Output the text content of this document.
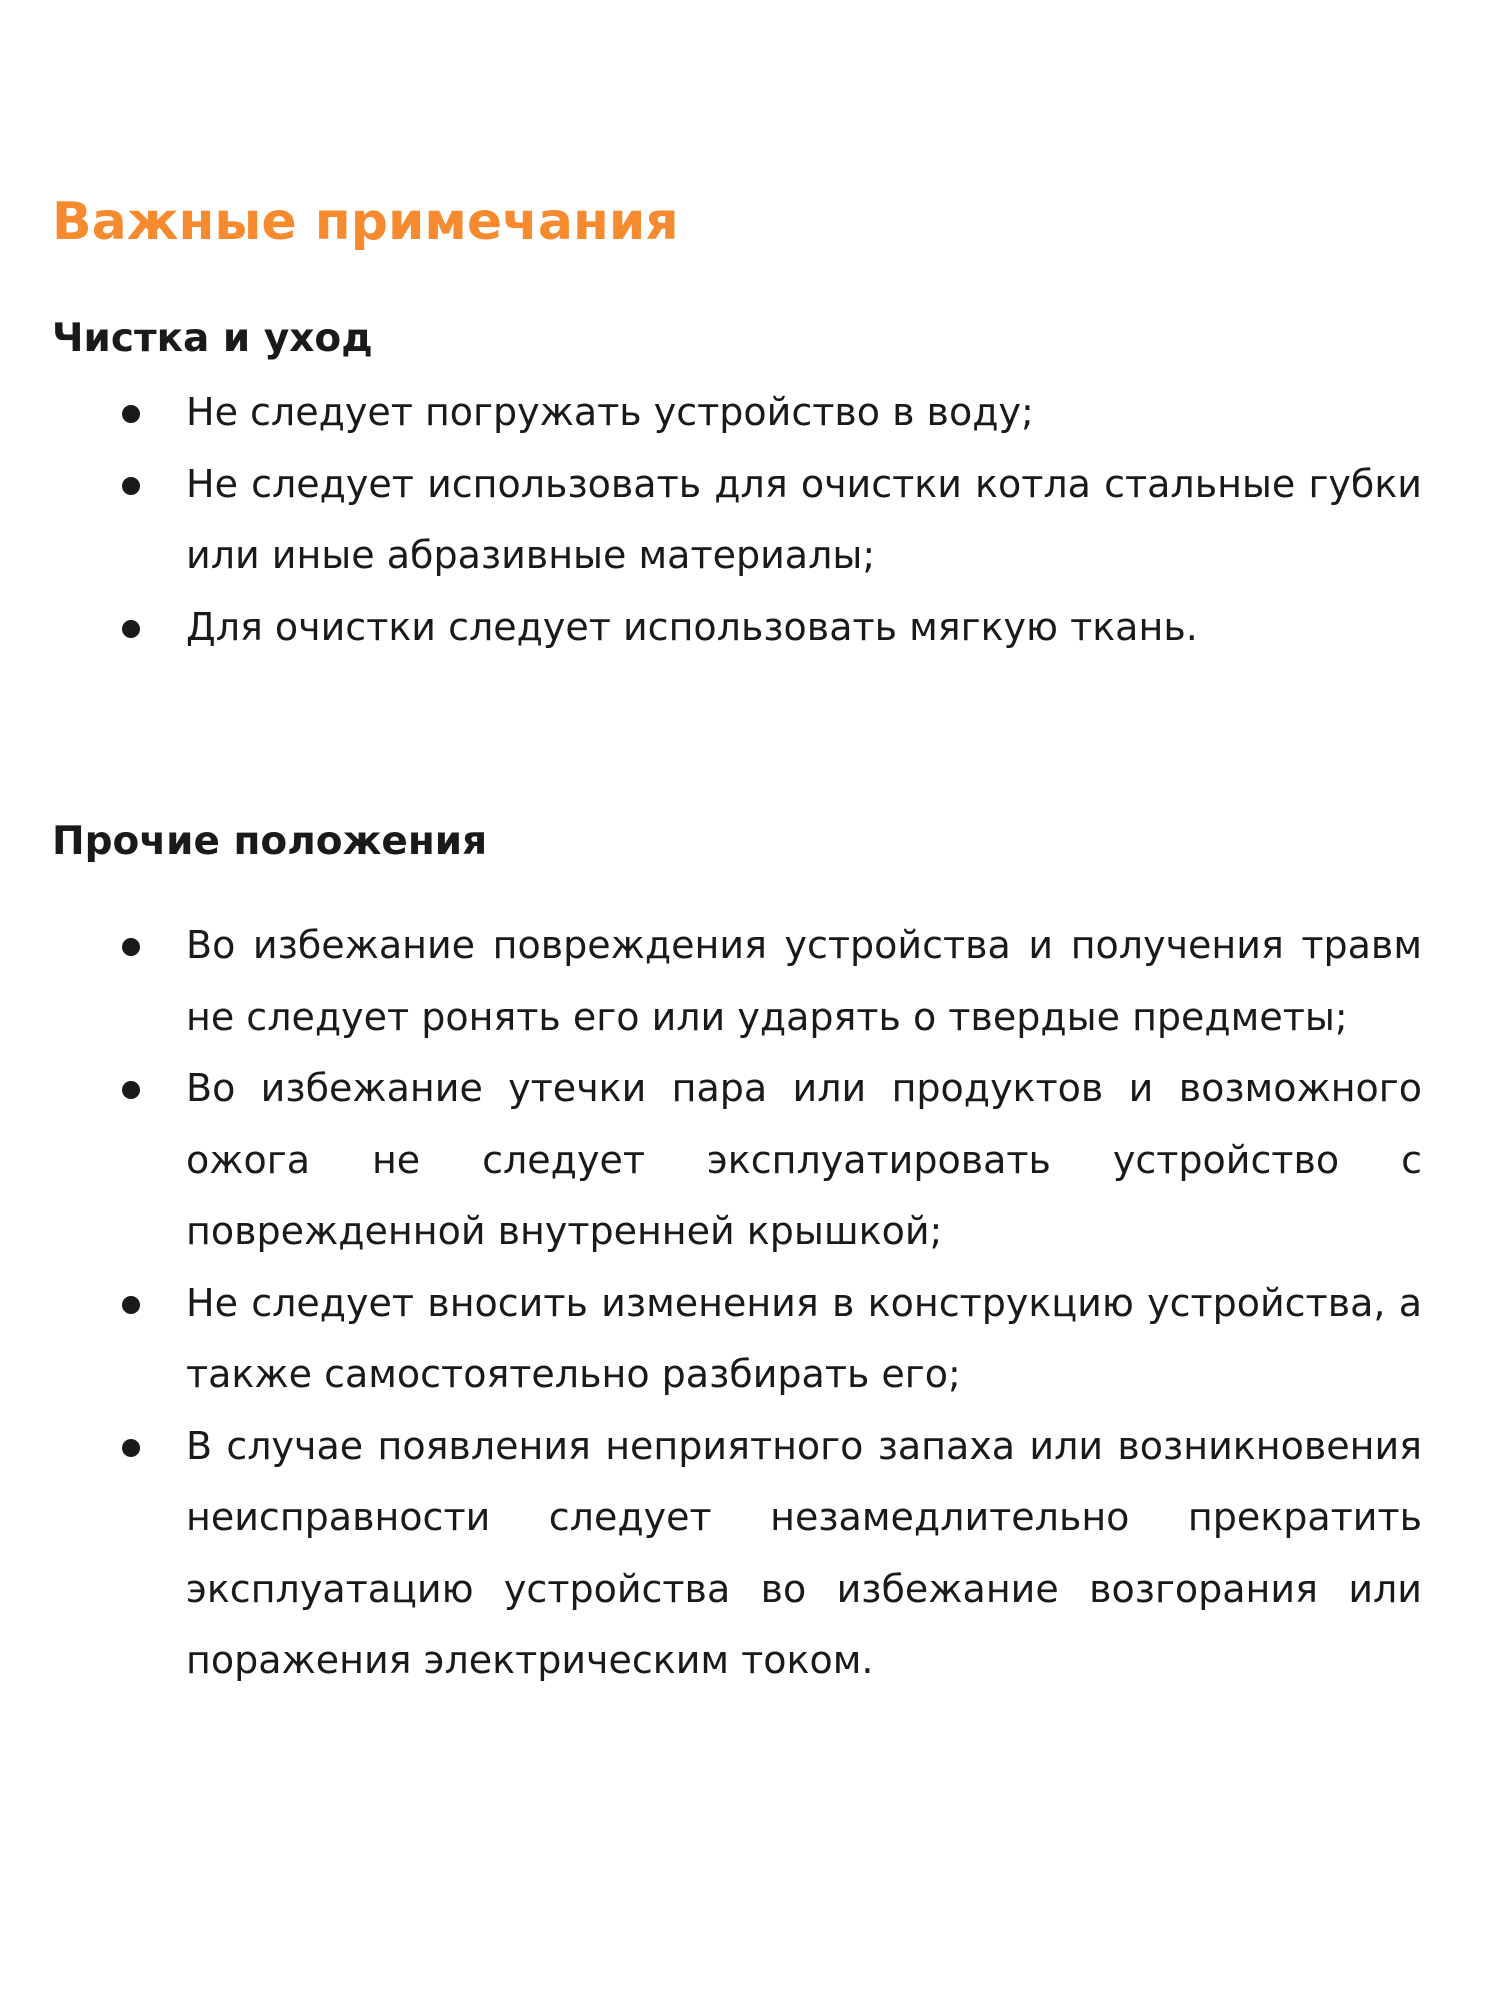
Важные примечания
Чистка и уход
Не следует погружать устройство в воду;
Не следует использовать для очистки котла стальные губки или иные абразивные материалы;
Для очистки следует использовать мягкую ткань.
Прочие положения
Во избежание повреждения устройства и получения травм не следует ронять его или ударять о твердые предметы;
Во избежание утечки пара или продуктов и возможного ожога не следует эксплуатировать устройство с поврежденной внутренней крышкой;
Не следует вносить изменения в конструкцию устройства, а также самостоятельно разбирать его;
В случае появления неприятного запаха или возникновения неисправности следует незамедлительно прекратить эксплуатацию устройства во избежание возгорания или поражения электрическим током.
